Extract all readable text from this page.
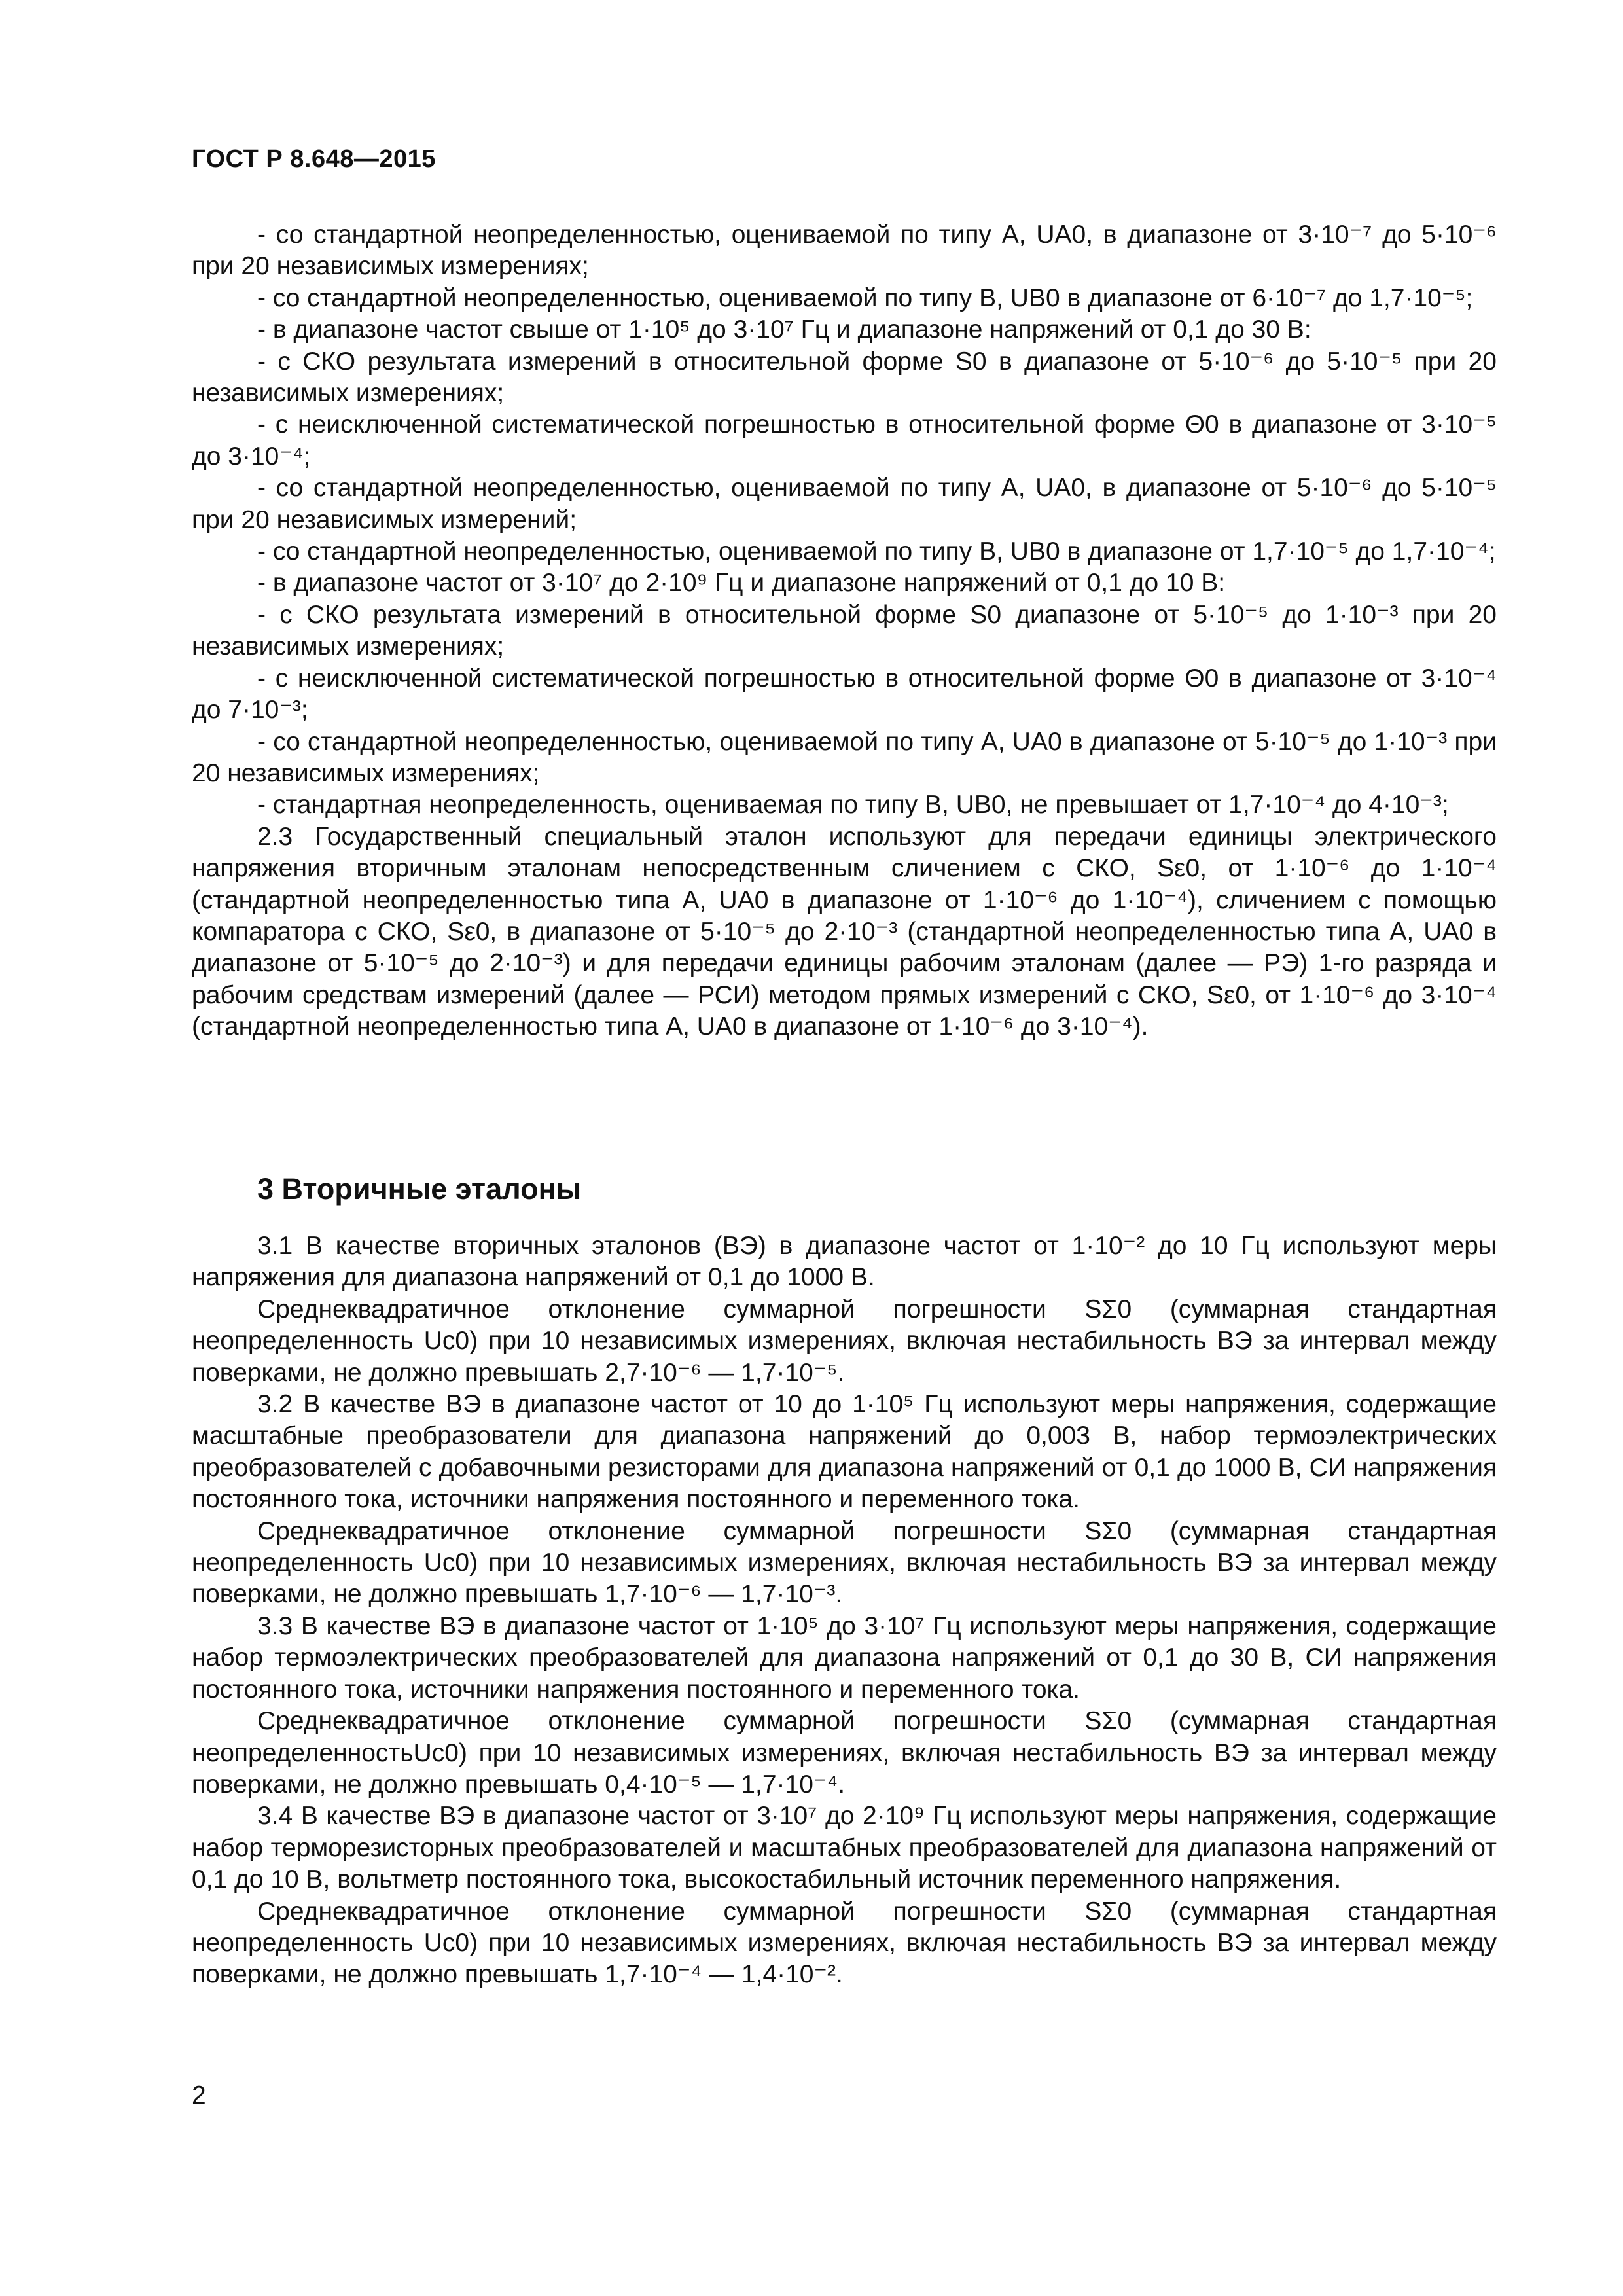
ГОСТ Р 8.648—2015

- со стандартной неопределенностью, оцениваемой по типу A, UA0, в диапазоне от 3·10⁻⁷ до 5·10⁻⁶ при 20 независимых измерениях;

- со стандартной неопределенностью, оцениваемой по типу B, UB0 в диапазоне от 6·10⁻⁷ до 1,7·10⁻⁵;

- в диапазоне частот свыше от 1·10⁵ до 3·10⁷ Гц и диапазоне напряжений от 0,1 до 30 В:

- с СКО результата измерений в относительной форме S0 в диапазоне от 5·10⁻⁶ до 5·10⁻⁵ при 20 независимых измерениях;

- с неисключенной систематической погрешностью в относительной форме Θ0 в диапазоне от 3·10⁻⁵ до 3·10⁻⁴;

- со стандартной неопределенностью, оцениваемой по типу A, UA0, в диапазоне от 5·10⁻⁶ до 5·10⁻⁵ при 20 независимых измерений;

- со стандартной неопределенностью, оцениваемой по типу B, UB0 в диапазоне от 1,7·10⁻⁵ до 1,7·10⁻⁴;

- в диапазоне частот от 3·10⁷ до 2·10⁹ Гц и диапазоне напряжений от 0,1 до 10 В:

- с СКО результата измерений в относительной форме S0 диапазоне от 5·10⁻⁵ до 1·10⁻³ при 20 независимых измерениях;

- с неисключенной систематической погрешностью в относительной форме Θ0 в диапазоне от 3·10⁻⁴ до 7·10⁻³;

- со стандартной неопределенностью, оцениваемой по типу A, UA0 в диапазоне от 5·10⁻⁵ до 1·10⁻³ при 20 независимых измерениях;

- стандартная неопределенность, оцениваемая по типу B, UB0, не превышает от 1,7·10⁻⁴ до 4·10⁻³;

2.3 Государственный специальный эталон используют для передачи единицы электрического напряжения вторичным эталонам непосредственным сличением с СКО, Sε0, от 1·10⁻⁶ до 1·10⁻⁴ (стандартной неопределенностью типа A, UA0 в диапазоне от 1·10⁻⁶ до 1·10⁻⁴), сличением с помощью компаратора с СКО, Sε0, в диапазоне от 5·10⁻⁵ до 2·10⁻³ (стандартной неопределенностью типа A, UA0 в диапазоне от 5·10⁻⁵ до 2·10⁻³) и для передачи единицы рабочим эталонам (далее — РЭ) 1-го разряда и рабочим средствам измерений (далее — РСИ) методом прямых измерений с СКО, Sε0, от 1·10⁻⁶ до 3·10⁻⁴ (стандартной неопределенностью типа A, UA0 в диапазоне от 1·10⁻⁶ до 3·10⁻⁴).

3 Вторичные эталоны

3.1 В качестве вторичных эталонов (ВЭ) в диапазоне частот от 1·10⁻² до 10 Гц используют меры напряжения для диапазона напряжений от 0,1 до 1000 В.

Среднеквадратичное отклонение суммарной погрешности SΣ0 (суммарная стандартная неопределенность Uc0) при 10 независимых измерениях, включая нестабильность ВЭ за интервал между поверками, не должно превышать 2,7·10⁻⁶ — 1,7·10⁻⁵.

3.2 В качестве ВЭ в диапазоне частот от 10 до 1·10⁵ Гц используют меры напряжения, содержащие масштабные преобразователи для диапазона напряжений до 0,003 В, набор термоэлектрических преобразователей с добавочными резисторами для диапазона напряжений от 0,1 до 1000 В, СИ напряжения постоянного тока, источники напряжения постоянного и переменного тока.

Среднеквадратичное отклонение суммарной погрешности SΣ0 (суммарная стандартная неопределенность Uc0) при 10 независимых измерениях, включая нестабильность ВЭ за интервал между поверками, не должно превышать 1,7·10⁻⁶ — 1,7·10⁻³.

3.3 В качестве ВЭ в диапазоне частот от 1·10⁵ до 3·10⁷ Гц используют меры напряжения, содержащие набор термоэлектрических преобразователей для диапазона напряжений от 0,1 до 30 В, СИ напряжения постоянного тока, источники напряжения постоянного и переменного тока.

Среднеквадратичное отклонение суммарной погрешности SΣ0 (суммарная стандартная неопределенностьUc0) при 10 независимых измерениях, включая нестабильность ВЭ за интервал между поверками, не должно превышать 0,4·10⁻⁵ — 1,7·10⁻⁴.

3.4 В качестве ВЭ в диапазоне частот от 3·10⁷ до 2·10⁹ Гц используют меры напряжения, содержащие набор терморезисторных преобразователей и масштабных преобразователей для диапазона напряжений от 0,1 до 10 В, вольтметр постоянного тока, высокостабильный источник переменного напряжения.

Среднеквадратичное отклонение суммарной погрешности SΣ0 (суммарная стандартная неопределенность Uc0) при 10 независимых измерениях, включая нестабильность ВЭ за интервал между поверками, не должно превышать 1,7·10⁻⁴ — 1,4·10⁻².

2
